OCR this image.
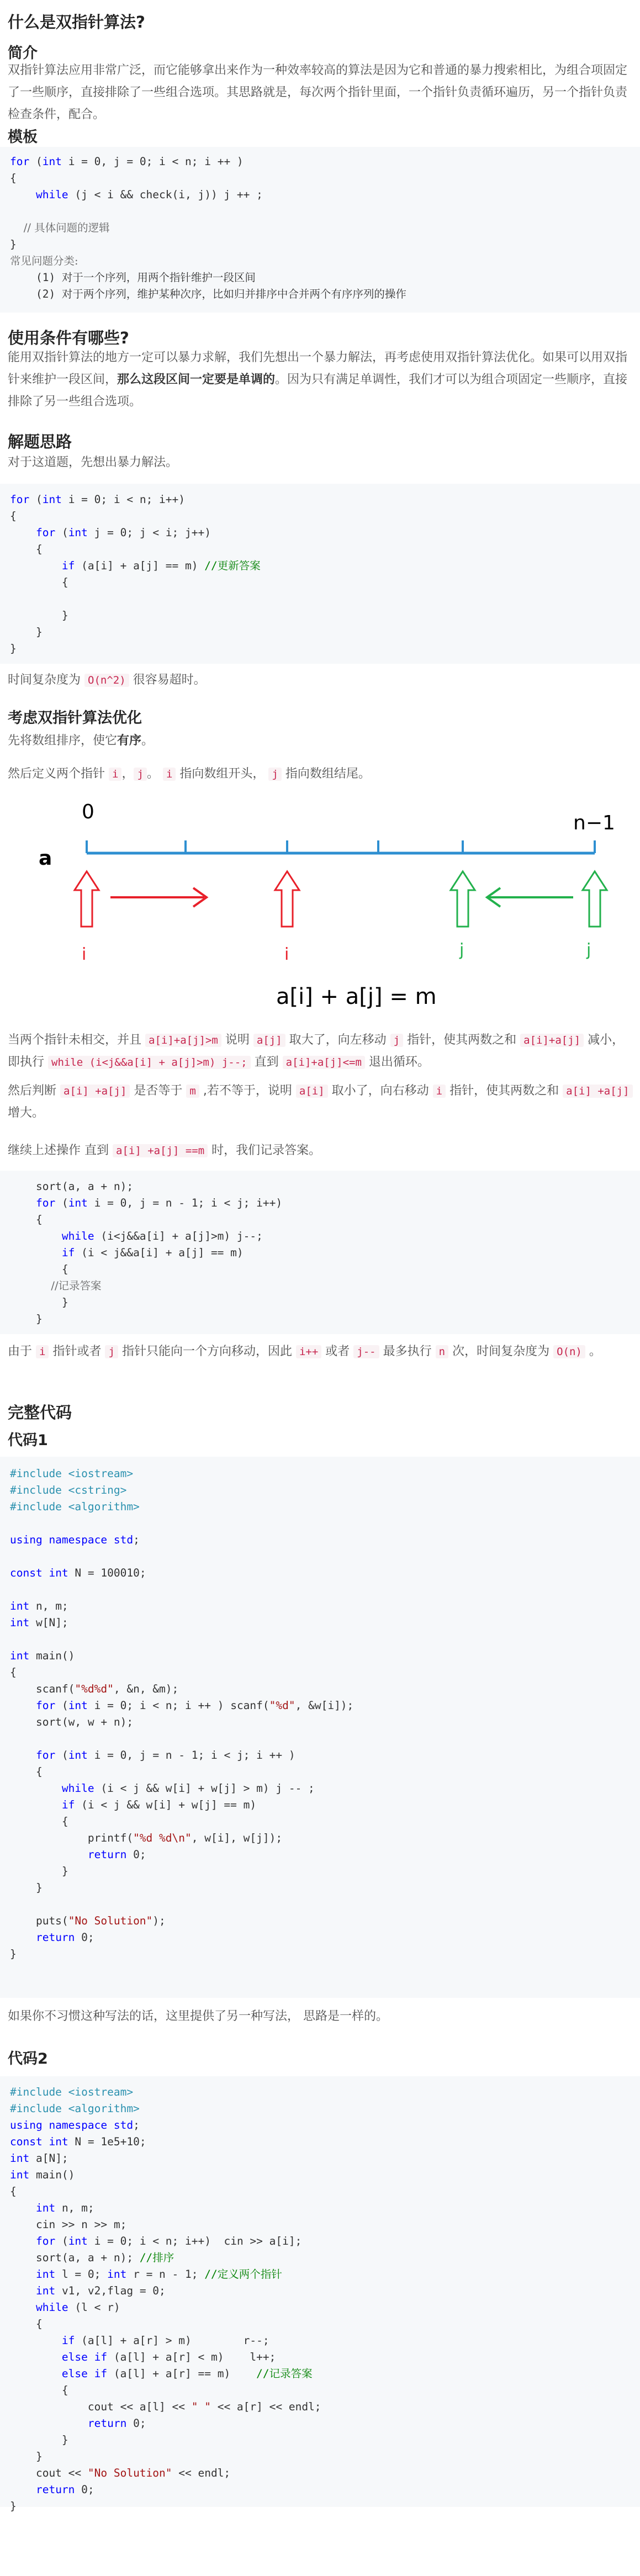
什么是双指针算法?
简介
双指针算法应用非常广泛，而它能够拿出来作为一种效率较高的算法是因为它和普通的暴力搜索相比，为组合项固定了一些顺序，直接排除了一些组合选项。其思路就是，每次两个指针里面，一个指针负责循环遍历，另一个指针负责检查条件，配合。
模板
for (int i = 0, j = 0; i < n; i ++ )
{
while (j < i && check(i, j)) j ++ ;
// 具体问题的逻辑
}
常见问题分类:
(1) 对于一个序列，用两个指针维护一段区间
(2) 对于两个序列，维护某种次序，比如归并排序中合并两个有序序列的操作
使用条件有哪些?
能用双指针算法的地方一定可以暴力求解，我们先想出一个暴力解法，再考虑使用双指针算法优化。如果可以用双指针来维护一段区间，那么这段区间一定要是单调的。因为只有满足单调性，我们才可以为组合项固定一些顺序，直接排除了另一些组合选项。
解题思路
对于这道题，先想出暴力解法。
for (int i = 0; i < n; i++)
{
for (int j = 0; j < i; j++)
{
if (a[i] + a[j] == m) //更新答案
{
}
}
}
时间复杂度为 O(n^2) 很容易超时。
考虑双指针算法优化
先将数组排序，使它有序。
然后定义两个指针 i ， j 。 i 指向数组开头， j 指向数组结尾。
0	n−1
a
i	i	j	j
a[i] + a[j] = m
当两个指针未相交，并且 a[i]+a[j]>m 说明 a[j] 取大了，向左移动 j 指针，使其两数之和 a[i]+a[j] 减小，即执行 while (i<j&&a[i] + a[j]>m) j--; 直到 a[i]+a[j]<=m 退出循环。
然后判断 a[i] +a[j] 是否等于 m ,若不等于，说明 a[i] 取小了，向右移动 i 指针，使其两数之和 a[i] +a[j] 增大。
继续上述操作 直到 a[i] +a[j] ==m 时，我们记录答案。
sort(a, a + n);
for (int i = 0, j = n - 1; i < j; i++)
{
while (i<j&&a[i] + a[j]>m) j--;
if (i < j&&a[i] + a[j] == m)
{
//记录答案
}
}
由于 i 指针或者 j 指针只能向一个方向移动，因此 i++ 或者 j-- 最多执行 n 次，时间复杂度为 O(n) 。
完整代码
代码1
#include <iostream>
#include <cstring>
#include <algorithm>
using namespace std;
const int N = 100010;
int n, m;
int w[N];
int main()
{
scanf("%d%d", &n, &m);
for (int i = 0; i < n; i ++ ) scanf("%d", &w[i]);
sort(w, w + n);
for (int i = 0, j = n - 1; i < j; i ++ )
{
while (i < j && w[i] + w[j] > m) j -- ;
if (i < j && w[i] + w[j] == m)
{
printf("%d %d\n", w[i], w[j]);
return 0;
}
}
puts("No Solution");
return 0;
}
如果你不习惯这种写法的话，这里提供了另一种写法， 思路是一样的。
代码2
#include <iostream>
#include <algorithm>
using namespace std;
const int N = 1e5+10;
int a[N];
int main()
{
int n, m;
cin >> n >> m;
for (int i = 0; i < n; i++)  cin >> a[i];
sort(a, a + n); //排序
int l = 0; int r = n - 1; //定义两个指针
int v1, v2,flag = 0;
while (l < r)
{
if (a[l] + a[r] > m)        r--;
else if (a[l] + a[r] < m)    l++;
else if (a[l] + a[r] == m)    //记录答案
{
cout << a[l] << " " << a[r] << endl;
return 0;
}
}
cout << "No Solution" << endl;
return 0;
}
